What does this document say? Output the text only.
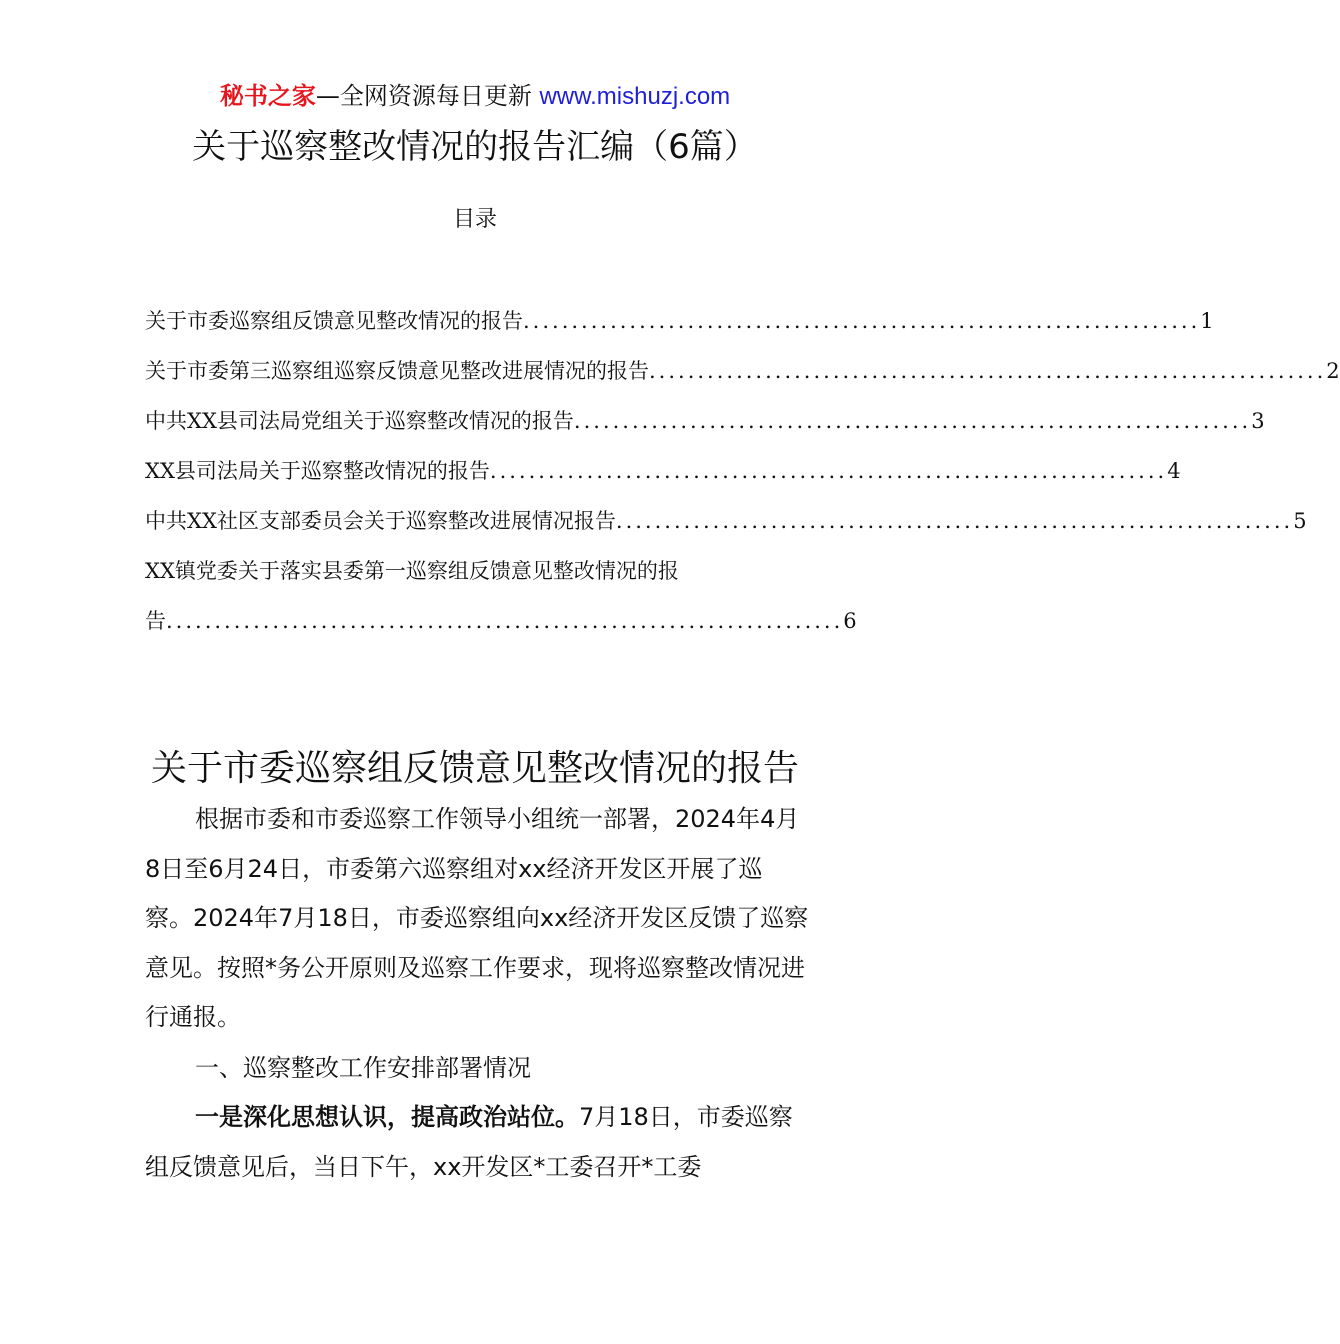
秘书之家—全网资源每日更新 www.mishuzj.com
关于巡察整改情况的报告汇编（6篇）
目录
关于市委巡察组反馈意见整改情况的报告......................................................................1
关于市委第三巡察组巡察反馈意见整改进展情况的报告......................................................................2
中共XX县司法局党组关于巡察整改情况的报告......................................................................3
XX县司法局关于巡察整改情况的报告......................................................................4
中共XX社区支部委员会关于巡察整改进展情况报告......................................................................5
XX镇党委关于落实县委第一巡察组反馈意见整改情况的报
告......................................................................6
关于市委巡察组反馈意见整改情况的报告
根据市委和市委巡察工作领导小组统一部署，2024年4月8日至6月24日，市委第六巡察组对xx经济开发区开展了巡察。2024年7月18日，市委巡察组向xx经济开发区反馈了巡察意见。按照*务公开原则及巡察工作要求，现将巡察整改情况进行通报。
一、巡察整改工作安排部署情况
一是深化思想认识，提高政治站位。7月18日，市委巡察组反馈意见后，当日下午，xx开发区*工委召开*工委
